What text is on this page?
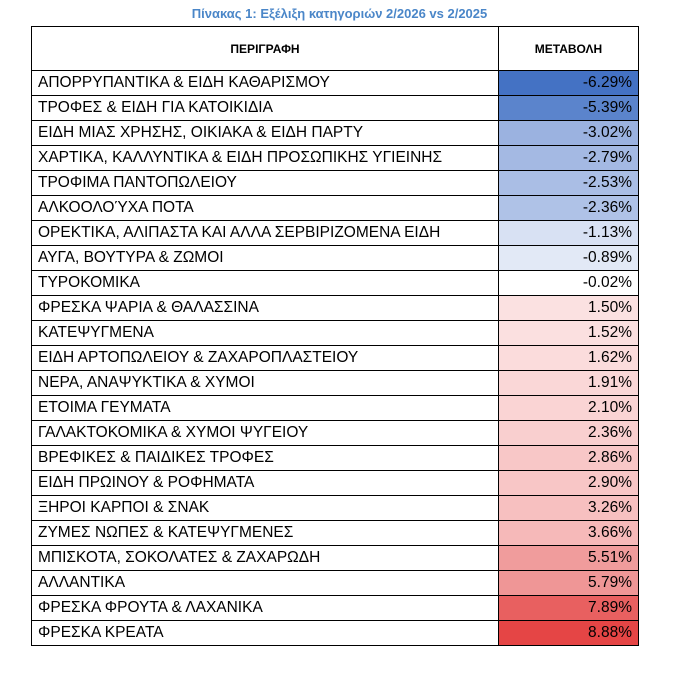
Πίνακας 1: Εξέλιξη κατηγοριών 2/2026 vs 2/2025
ΠΕΡΙΓΡΑΦΗ	ΜΕΤΑΒΟΛΗ
ΑΠΟΡΡΥΠΑΝΤΙΚΑ & ΕΙΔΗ ΚΑΘΑΡΙΣΜΟΥ	-6.29%
ΤΡΟΦΕΣ & ΕΙΔΗ ΓΙΑ ΚΑΤΟΙΚΙΔΙΑ	-5.39%
ΕΙΔΗ ΜΙΑΣ ΧΡΗΣΗΣ, ΟΙΚΙΑΚΑ & ΕΙΔΗ ΠΑΡΤΥ	-3.02%
ΧΑΡΤΙΚΑ, ΚΑΛΛΥΝΤΙΚΑ & ΕΙΔΗ ΠΡΟΣΩΠΙΚΗΣ ΥΓΙΕΙΝΗΣ	-2.79%
ΤΡΟΦΙΜΑ ΠΑΝΤΟΠΩΛΕΙΟΥ	-2.53%
ΑΛΚΟΟΛΟΎΧΑ ΠΟΤΑ	-2.36%
ΟΡΕΚΤΙΚΑ, ΑΛΙΠΑΣΤΑ ΚΑΙ ΑΛΛΑ ΣΕΡΒΙΡΙΖΟΜΕΝΑ ΕΙΔΗ	-1.13%
ΑΥΓΑ, ΒΟΥΤΥΡΑ & ΖΩΜΟΙ	-0.89%
ΤΥΡΟΚΟΜΙΚΑ	-0.02%
ΦΡΕΣΚΑ ΨΑΡΙΑ & ΘΑΛΑΣΣΙΝΑ	1.50%
ΚΑΤΕΨΥΓΜΕΝΑ	1.52%
ΕΙΔΗ ΑΡΤΟΠΩΛΕΙΟΥ & ΖΑΧΑΡΟΠΛΑΣΤΕΙΟΥ	1.62%
ΝΕΡΑ, ΑΝΑΨΥΚΤΙΚΑ & ΧΥΜΟΙ	1.91%
ΕΤΟΙΜΑ ΓΕΥΜΑΤΑ	2.10%
ΓΑΛΑΚΤΟΚΟΜΙΚΑ & ΧΥΜΟΙ ΨΥΓΕΙΟΥ	2.36%
ΒΡΕΦΙΚΕΣ & ΠΑΙΔΙΚΕΣ ΤΡΟΦΕΣ	2.86%
ΕΙΔΗ ΠΡΩΙΝΟΥ & ΡΟΦΗΜΑΤΑ	2.90%
ΞΗΡΟΙ ΚΑΡΠΟΙ & ΣΝΑΚ	3.26%
ΖΥΜΕΣ ΝΩΠΕΣ & ΚΑΤΕΨΥΓΜΕΝΕΣ	3.66%
ΜΠΙΣΚΟΤΑ, ΣΟΚΟΛΑΤΕΣ & ΖΑΧΑΡΩΔΗ	5.51%
ΑΛΛΑΝΤΙΚΑ	5.79%
ΦΡΕΣΚΑ ΦΡΟΥΤΑ & ΛΑΧΑΝΙΚΑ	7.89%
ΦΡΕΣΚΑ ΚΡΕΑΤΑ	8.88%
